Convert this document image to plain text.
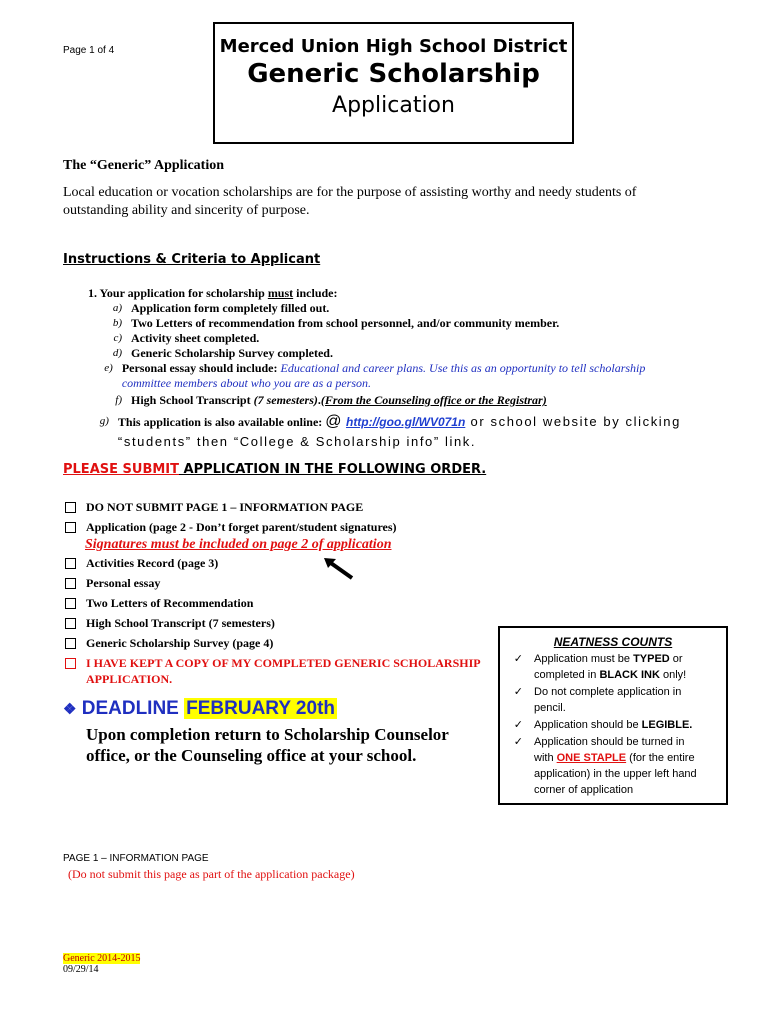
Page 1 of 4	Merced Union High School District
Generic Scholarship
Application
The “Generic” Application
Local education or vocation scholarships are for the purpose of assisting worthy and needy students of outstanding ability and sincerity of purpose.
Instructions & Criteria to Applicant
1. Your application for scholarship must include:
a) Application form completely filled out.
b) Two Letters of recommendation from school personnel, and/or community member.
c) Activity sheet completed.
d) Generic Scholarship Survey completed.
e) Personal essay should include: Educational and career plans. Use this as an opportunity to tell scholarship committee members about who you are as a person.
f) High School Transcript (7 semesters).(From the Counseling office or the Registrar)
g) This application is also available online: @ http://goo.gl/WV071n or school website by clicking “students” then “College & Scholarship info” link.
PLEASE SUBMIT APPLICATION IN THE FOLLOWING ORDER.
DO NOT SUBMIT PAGE 1 – INFORMATION PAGE
Application (page 2 - Don’t forget parent/student signatures)
Signatures must be included on page 2 of application
Activities Record (page 3)
Personal essay
Two Letters of Recommendation
High School Transcript (7 semesters)
Generic Scholarship Survey (page 4)
I HAVE KEPT A COPY OF MY COMPLETED GENERIC SCHOLARSHIP APPLICATION.
❖ DEADLINE FEBRUARY 20th
Upon completion return to Scholarship Counselor
office, or the Counseling office at your school.
NEATNESS COUNTS
✓	Application must be TYPED or completed in BLACK INK only!
✓	Do not complete application in pencil.
✓	Application should be LEGIBLE.
✓	Application should be turned in with ONE STAPLE (for the entire application) in the upper left hand corner of application
PAGE 1 – INFORMATION PAGE
(Do not submit this page as part of the application package)
Generic 2014-2015
09/29/14
